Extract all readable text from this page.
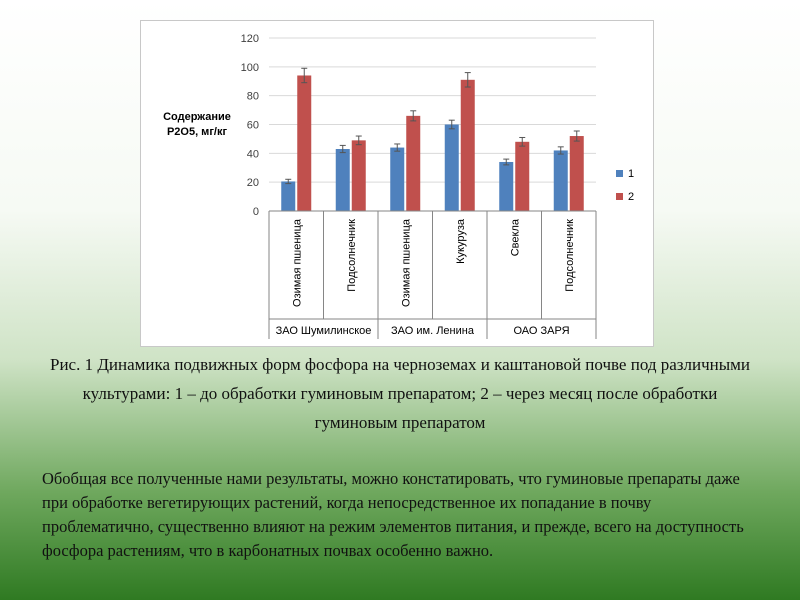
0
20
40
60
80
100
120
Содержание
P2O5, мг/кг
Озимая пшеница	Подсолнечник	Озимая пшеница	Кукуруза	Свекла	Подсолнечник
ЗАО Шумилинское ЗАО им. Ленина	ОАО ЗАРЯ
1
2
Рис. 1 Динамика подвижных форм фосфора на черноземах и каштановой почве под различными культурами: 1 – до обработки гуминовым препаратом; 2 – через месяц после обработки гуминовым препаратом
Обобщая все полученные нами результаты, можно констатировать, что гуминовые препараты даже при обработке вегетирующих растений, когда непосредственное их попадание в почву проблематично, существенно влияют на режим элементов питания, и прежде, всего на доступность фосфора растениям, что в карбонатных почвах особенно важно.
